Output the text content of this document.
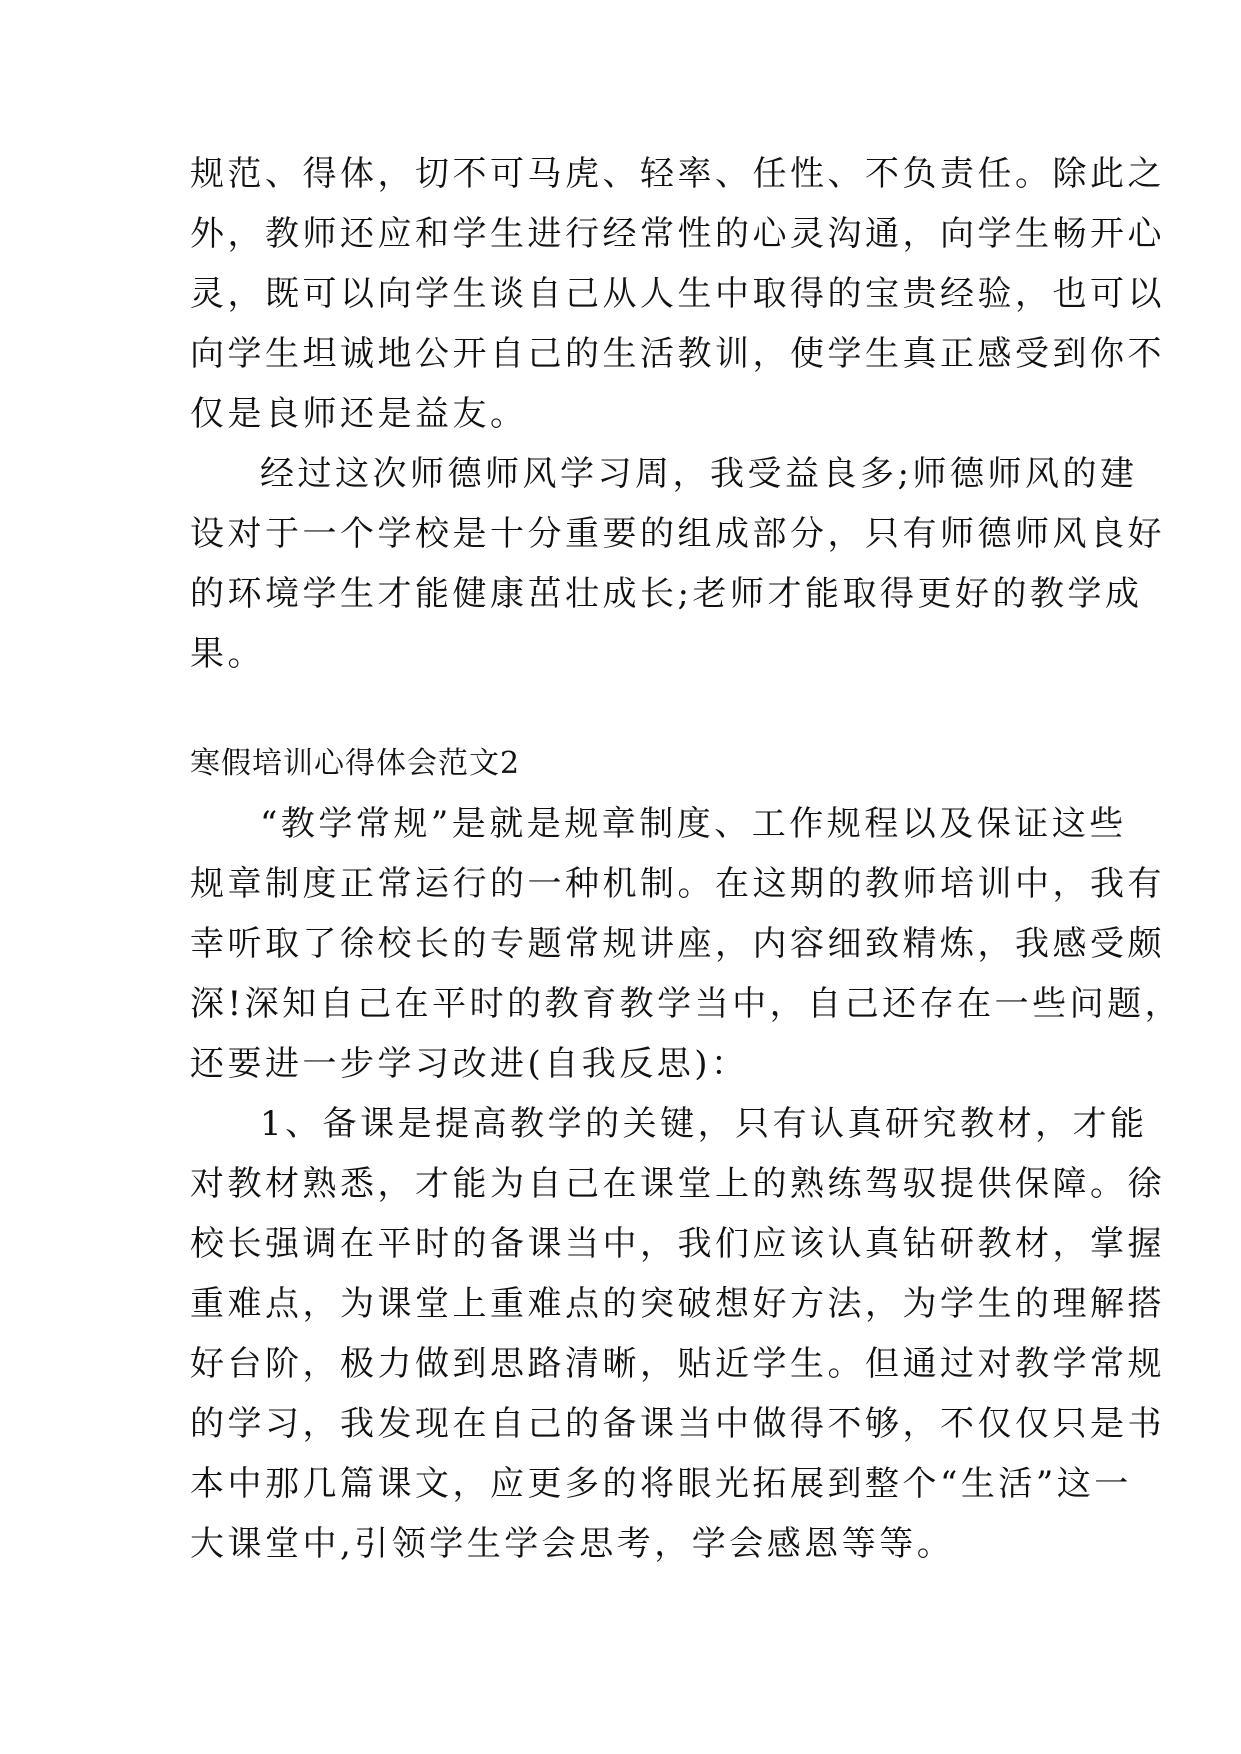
规范、得体，切不可马虎、轻率、任性、不负责任。除此之
外，教师还应和学生进行经常性的心灵沟通，向学生畅开心
灵，既可以向学生谈自己从人生中取得的宝贵经验，也可以
向学生坦诚地公开自己的生活教训，使学生真正感受到你不
仅是良师还是益友。
经过这次师德师风学习周，我受益良多;师德师风的建
设对于一个学校是十分重要的组成部分，只有师德师风良好
的环境学生才能健康茁壮成长;老师才能取得更好的教学成
果。
寒假培训心得体会范文2
“教学常规”是就是规章制度、工作规程以及保证这些
规章制度正常运行的一种机制。在这期的教师培训中，我有
幸听取了徐校长的专题常规讲座，内容细致精炼，我感受颇
深!深知自己在平时的教育教学当中，自己还存在一些问题，
还要进一步学习改进(自我反思)：
1、备课是提高教学的关键，只有认真研究教材，才能
对教材熟悉，才能为自己在课堂上的熟练驾驭提供保障。徐
校长强调在平时的备课当中，我们应该认真钻研教材，掌握
重难点，为课堂上重难点的突破想好方法，为学生的理解搭
好台阶，极力做到思路清晰，贴近学生。但通过对教学常规
的学习，我发现在自己的备课当中做得不够，不仅仅只是书
本中那几篇课文，应更多的将眼光拓展到整个“生活”这一
大课堂中,引领学生学会思考，学会感恩等等。
